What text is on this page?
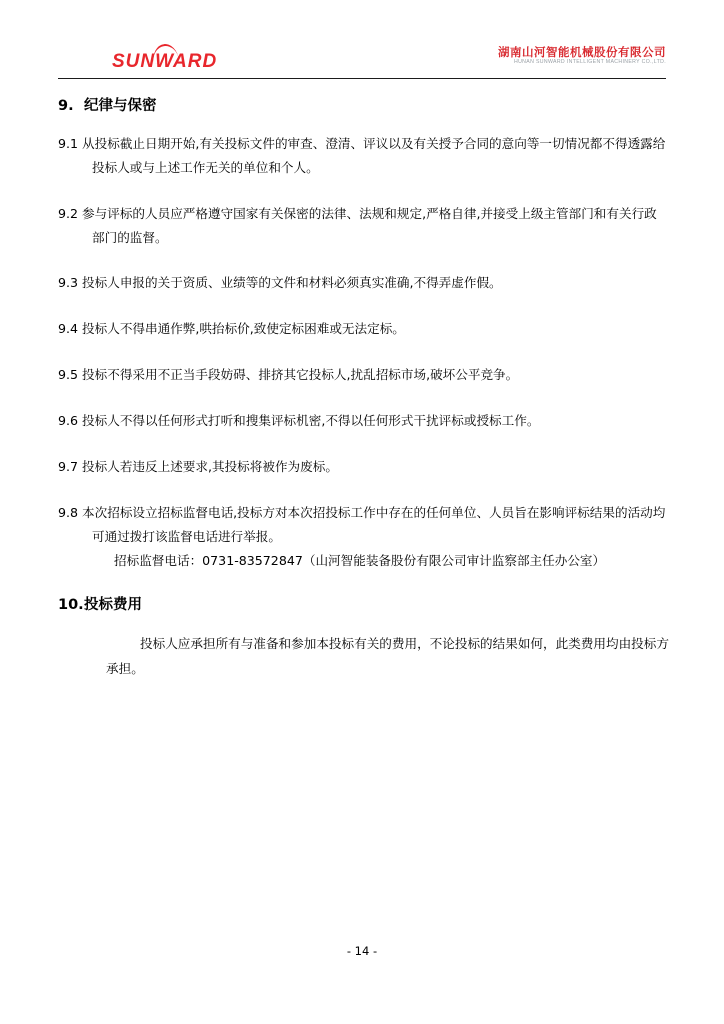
SUNWARD	湖南山河智能机械股份有限公司
HUNAN SUNWARD INTELLIGENT MACHINERY CO.,LTD.
9. 纪律与保密

9.1 从投标截止日期开始,有关投标文件的审查、澄清、评议以及有关授予合同的意向等一切情况都不得透露给投标人或与上述工作无关的单位和个人。

9.2 参与评标的人员应严格遵守国家有关保密的法律、法规和规定,严格自律,并接受上级主管部门和有关行政部门的监督。

9.3 投标人申报的关于资质、业绩等的文件和材料必须真实准确,不得弄虚作假。

9.4 投标人不得串通作弊,哄抬标价,致使定标困难或无法定标。

9.5 投标不得采用不正当手段妨碍、排挤其它投标人,扰乱招标市场,破坏公平竞争。

9.6 投标人不得以任何形式打听和搜集评标机密,不得以任何形式干扰评标或授标工作。

9.7 投标人若违反上述要求,其投标将被作为废标。

9.8 本次招标设立招标监督电话,投标方对本次招投标工作中存在的任何单位、人员旨在影响评标结果的活动均可通过拨打该监督电话进行举报。

招标监督电话：0731-83572847（山河智能装备股份有限公司审计监察部主任办公室）

10.投标费用

投标人应承担所有与准备和参加本投标有关的费用，不论投标的结果如何，此类费用均由投标方承担。

- 14 -
